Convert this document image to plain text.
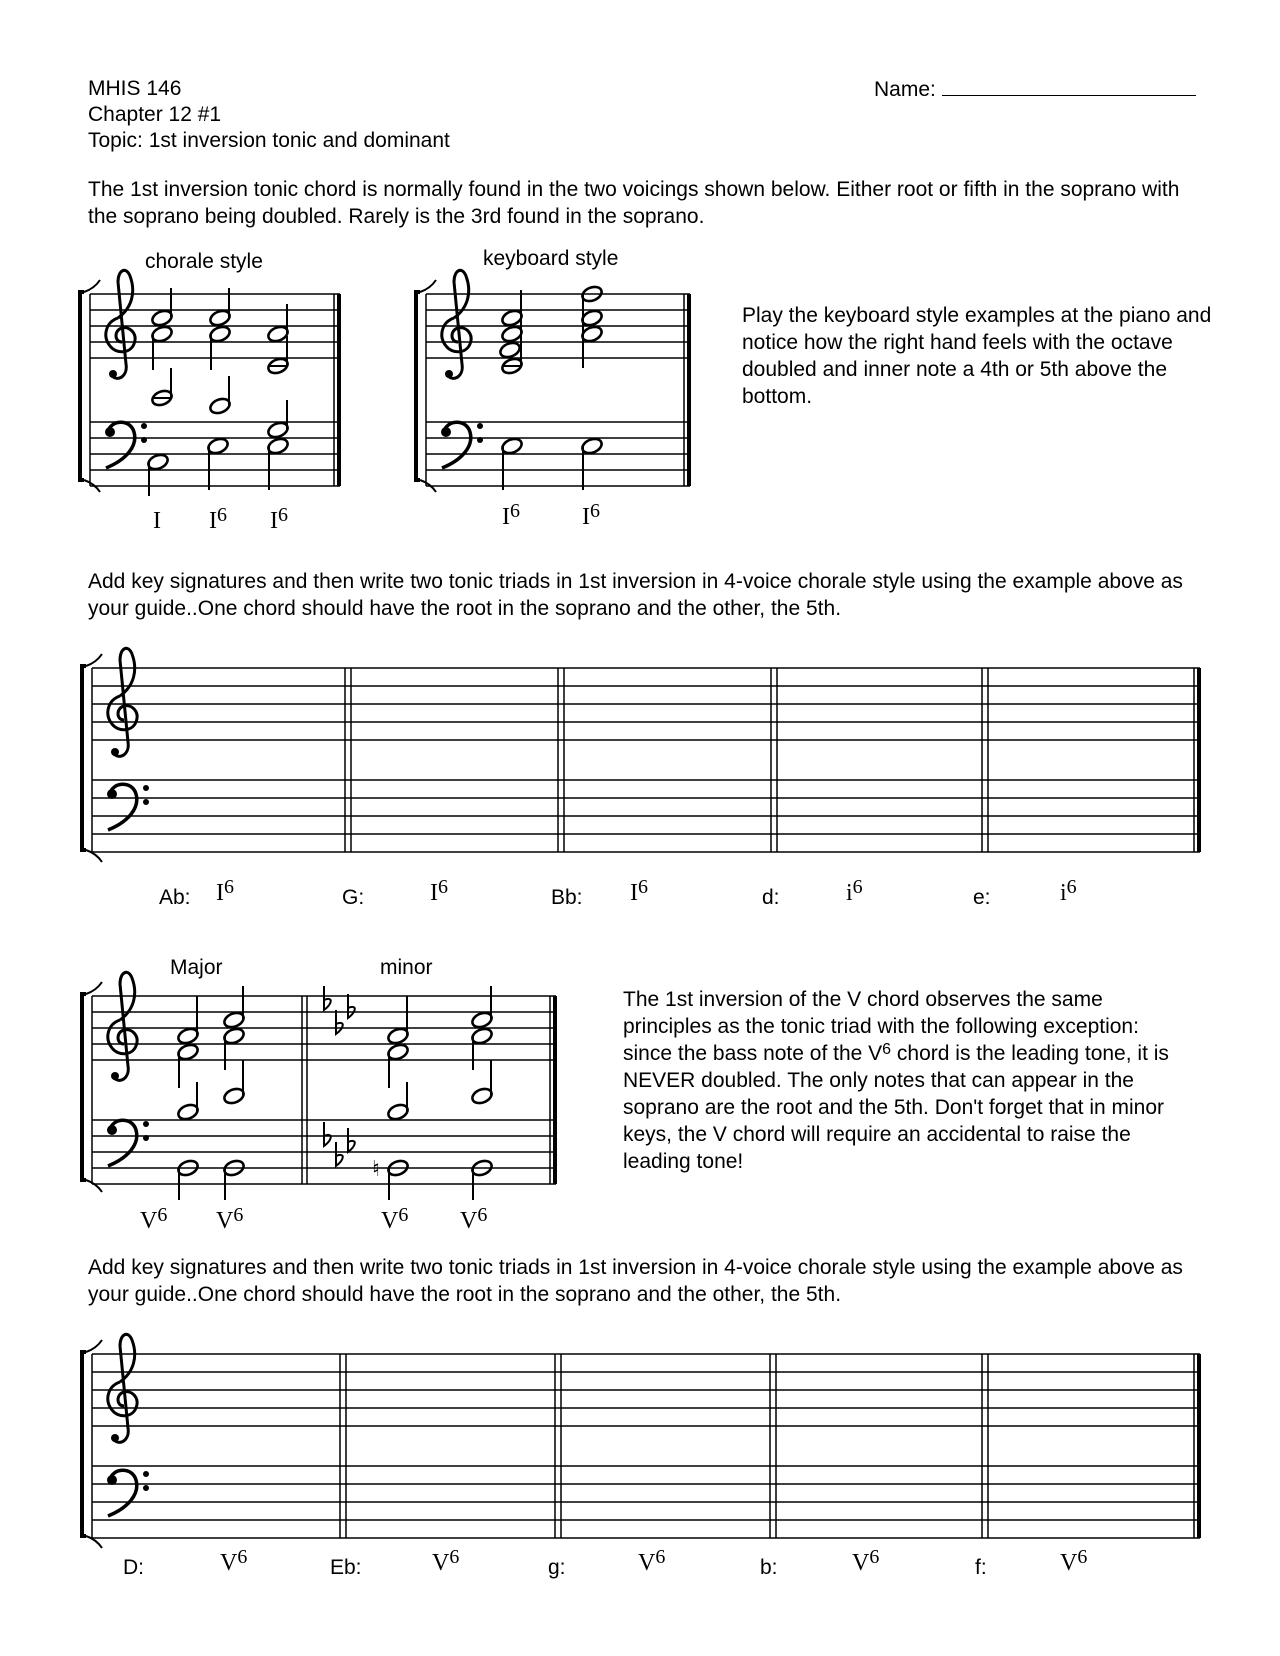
MHIS 146
Chapter 12 #1
Topic: 1st inversion tonic and dominant
Name:
The 1st inversion tonic chord is normally found in the two voicings shown below. Either root or fifth in the soprano with the soprano being doubled. Rarely is the 3rd found in the soprano.
chorale style	keyboard style
Play the keyboard style examples at the piano and notice how the right hand feels with the octave doubled and inner note a 4th or 5th above the bottom.
Major	minor
The 1st inversion of the V chord observes the same principles as the tonic triad with the following exception: since the bass note of the $V^6$ chord is the leading tone, it is NEVER doubled. The only notes that can appear in the soprano are the root and the 5th. Don't forget that in minor keys, the V chord will require an accidental to raise the leading tone!
Add key signatures and then write two tonic triads in 1st inversion in 4-voice chorale style using the example above as your guide..One chord should have the root in the soprano and the other, the 5th.
Add key signatures and then write two tonic triads in 1st inversion in 4-voice chorale style using the example above as your guide..One chord should have the root in the soprano and the other, the 5th.
I $I^6$ $I^6$	$I^6$	$I^6$
Ab: $I^6$	G:	$I^6$	Bb: $I^6$	d:	$i^6$	e:	$i^6$
$V^6$ $V^6$	$V^6$ $V^6$
D:	$V^6$	Eb:	$V^6$	g:	$V^6$	b:	$V^6$	f:	$V^6$
♮
